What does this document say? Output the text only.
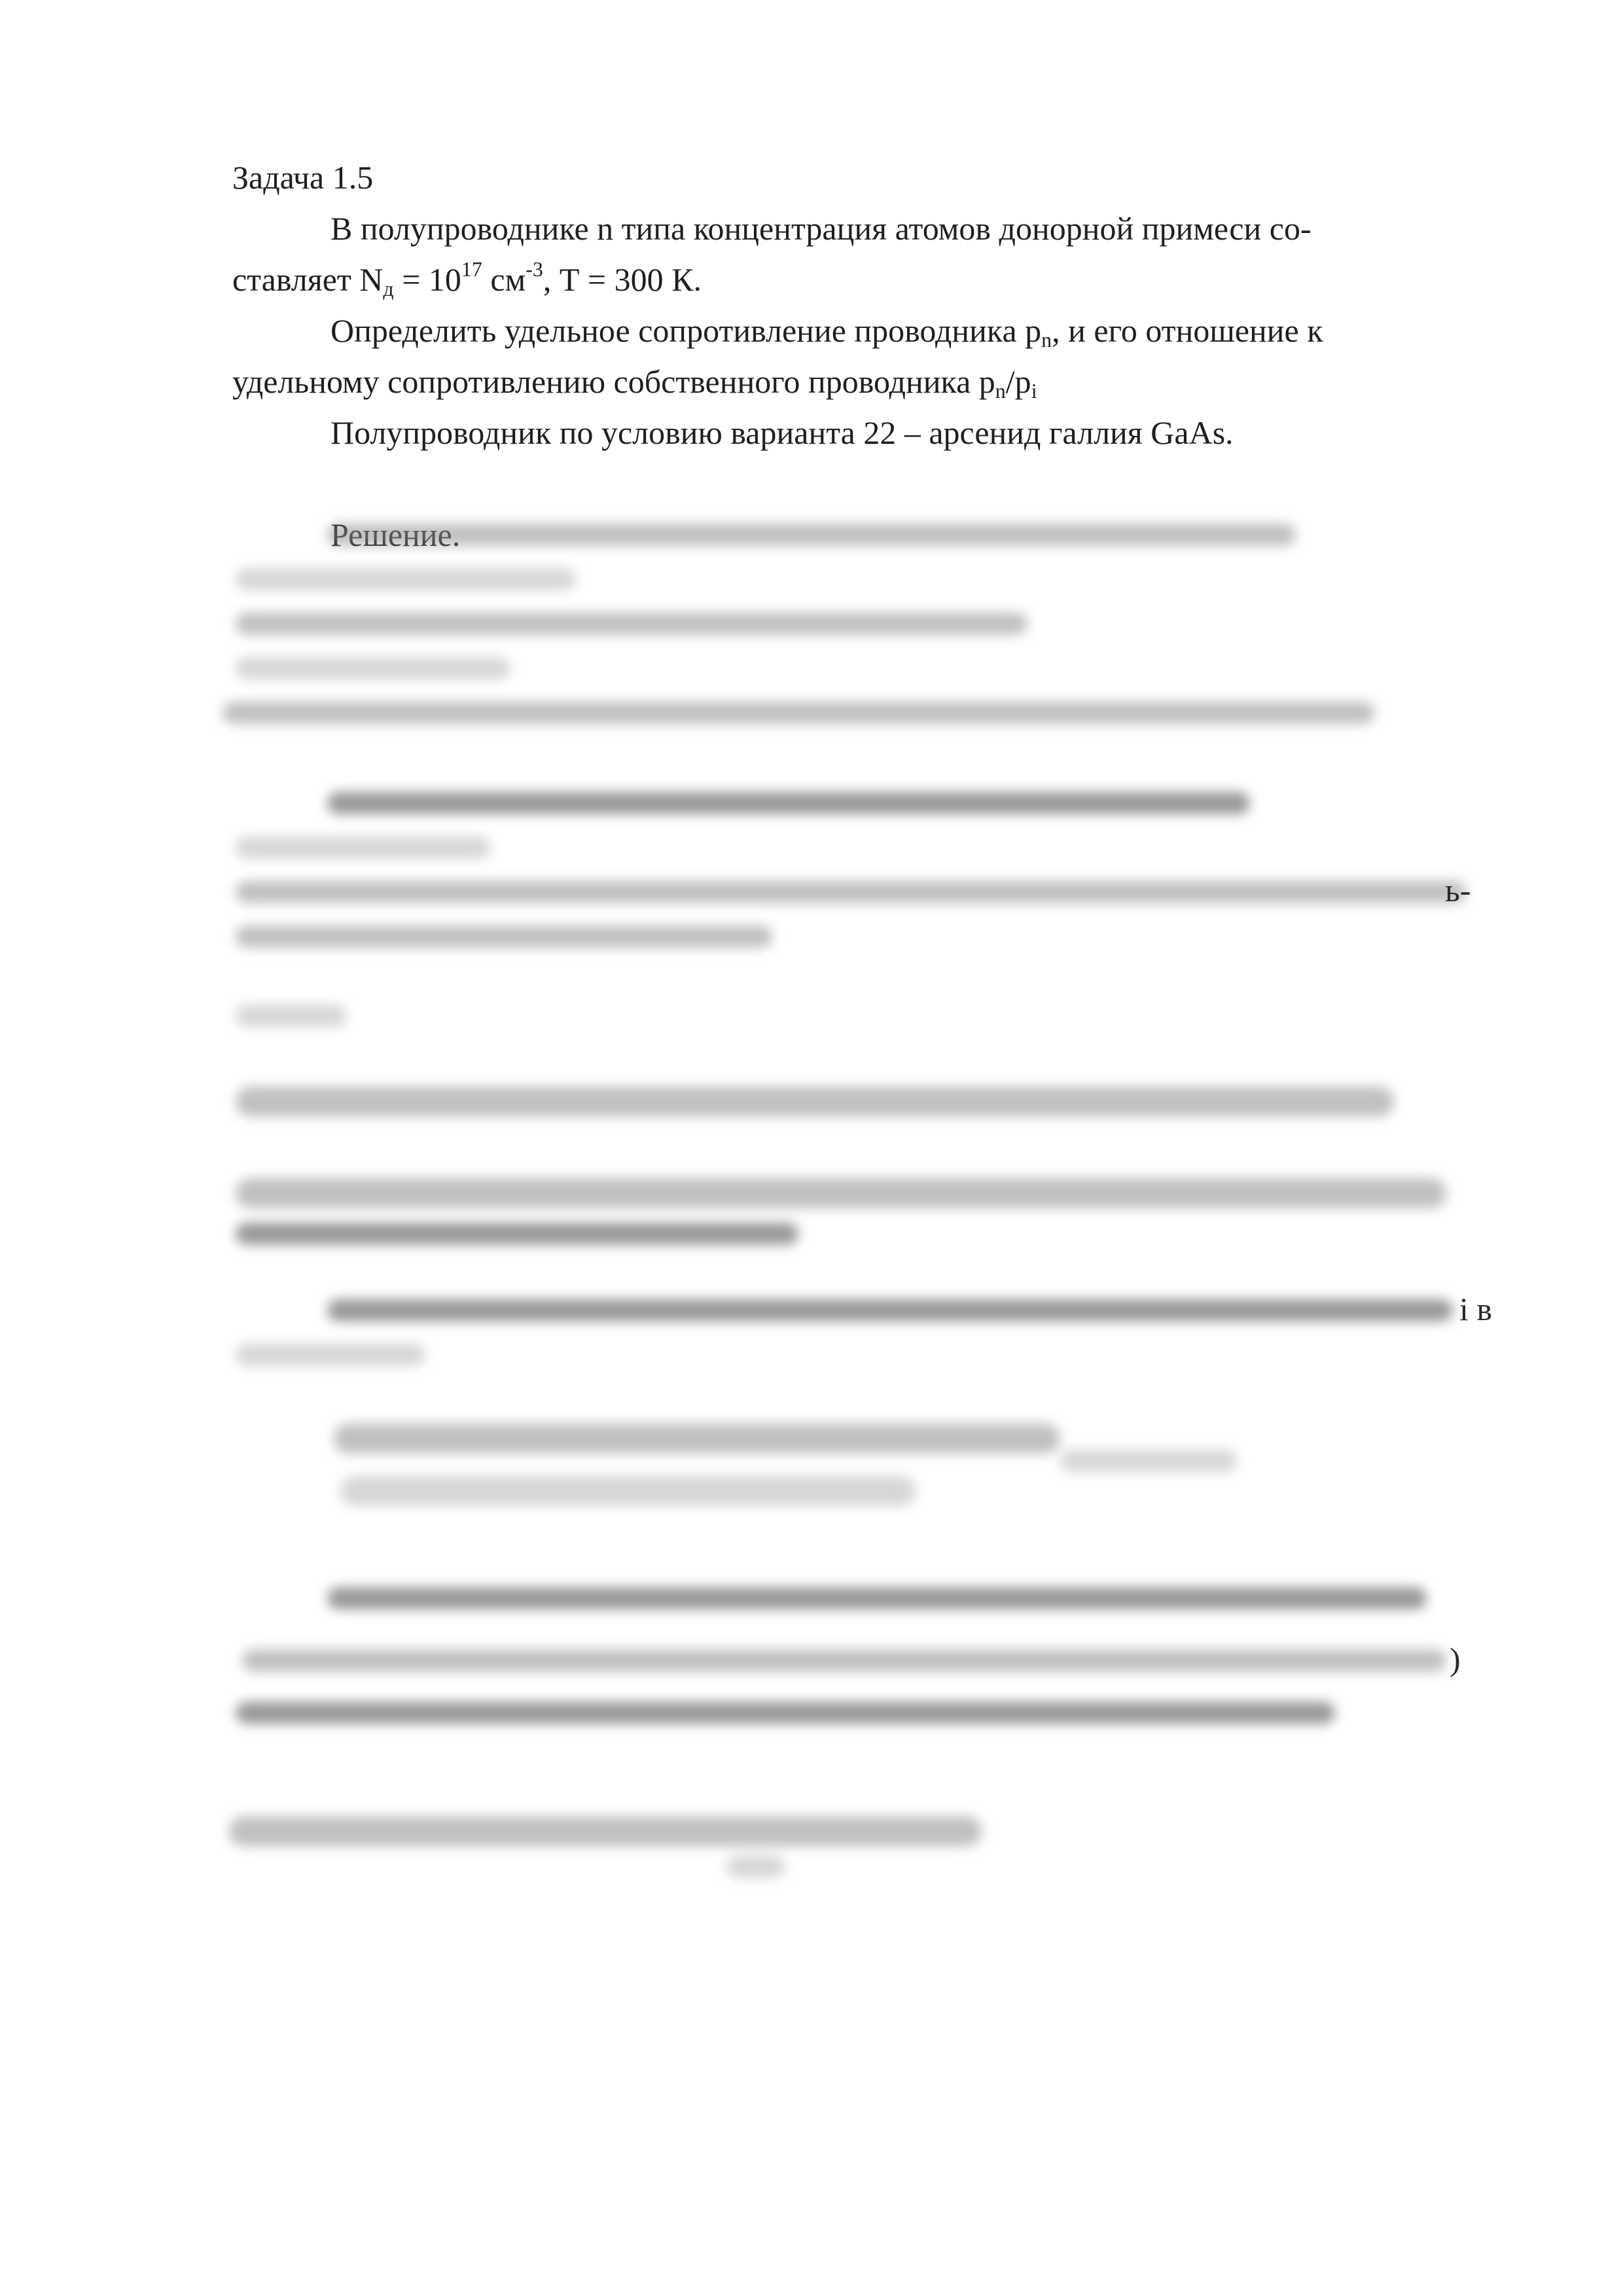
Задача 1.5
В полупроводнике n типа концентрация атомов донорной примеси со-
ставляет $N_д = 10^{17}$ $см^{-3}$, Т = 300 К.
Определить удельное сопротивление проводника $р_n$, и его отношение к
удельному сопротивлению собственного проводника $р_n/р_i$
Полупроводник по условию варианта 22 – арсенид галлия GaAs.
ь-
і в
)
